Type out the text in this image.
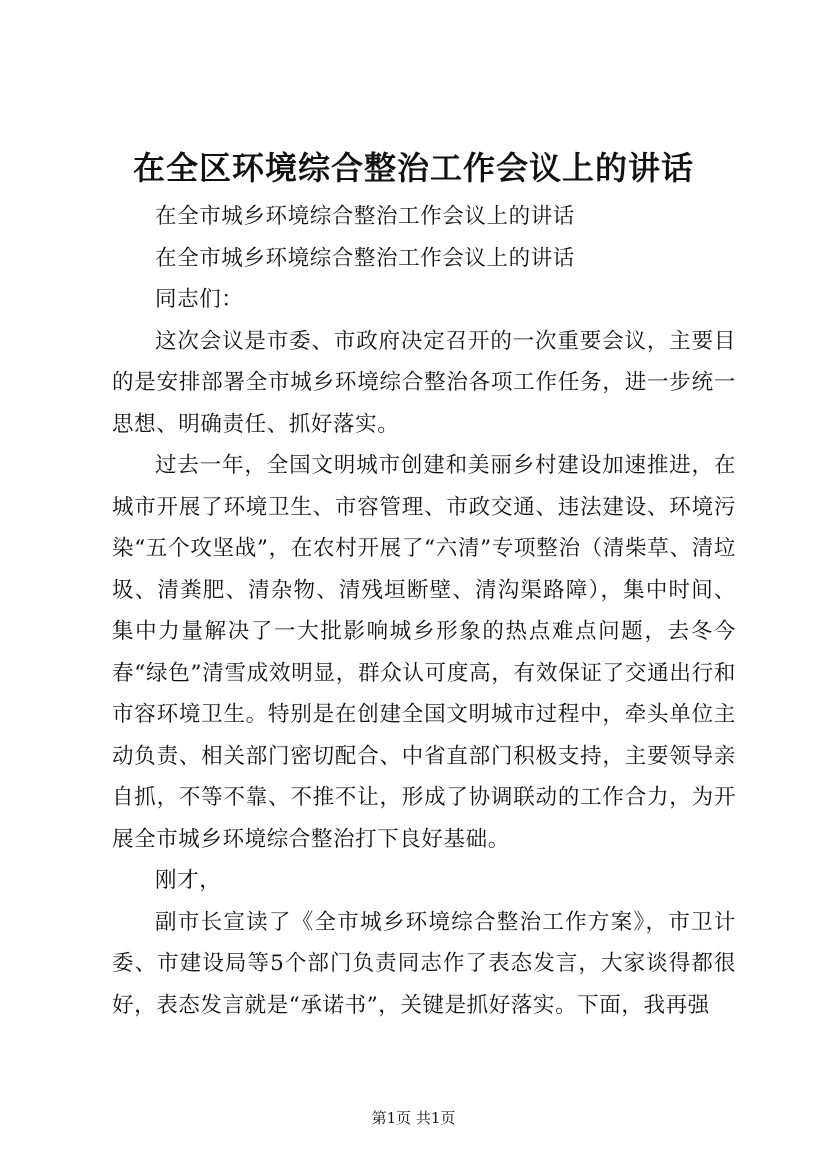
在全区环境综合整治工作会议上的讲话

在全市城乡环境综合整治工作会议上的讲话

在全市城乡环境综合整治工作会议上的讲话

同志们：

这次会议是市委、市政府决定召开的一次重要会议，主要目的是安排部署全市城乡环境综合整治各项工作任务，进一步统一思想、明确责任、抓好落实。

过去一年，全国文明城市创建和美丽乡村建设加速推进，在城市开展了环境卫生、市容管理、市政交通、违法建设、环境污染“五个攻坚战”，在农村开展了“六清”专项整治（清柴草、清垃圾、清粪肥、清杂物、清残垣断壁、清沟渠路障），集中时间、集中力量解决了一大批影响城乡形象的热点难点问题，去冬今春“绿色”清雪成效明显，群众认可度高，有效保证了交通出行和市容环境卫生。特别是在创建全国文明城市过程中，牵头单位主动负责、相关部门密切配合、中省直部门积极支持，主要领导亲自抓，不等不靠、不推不让，形成了协调联动的工作合力，为开展全市城乡环境综合整治打下良好基础。

刚才，

副市长宣读了《全市城乡环境综合整治工作方案》，市卫计委、市建设局等5个部门负责同志作了表态发言，大家谈得都很好，表态发言就是“承诺书”，关键是抓好落实。下面，我再强

第1页 共1页
